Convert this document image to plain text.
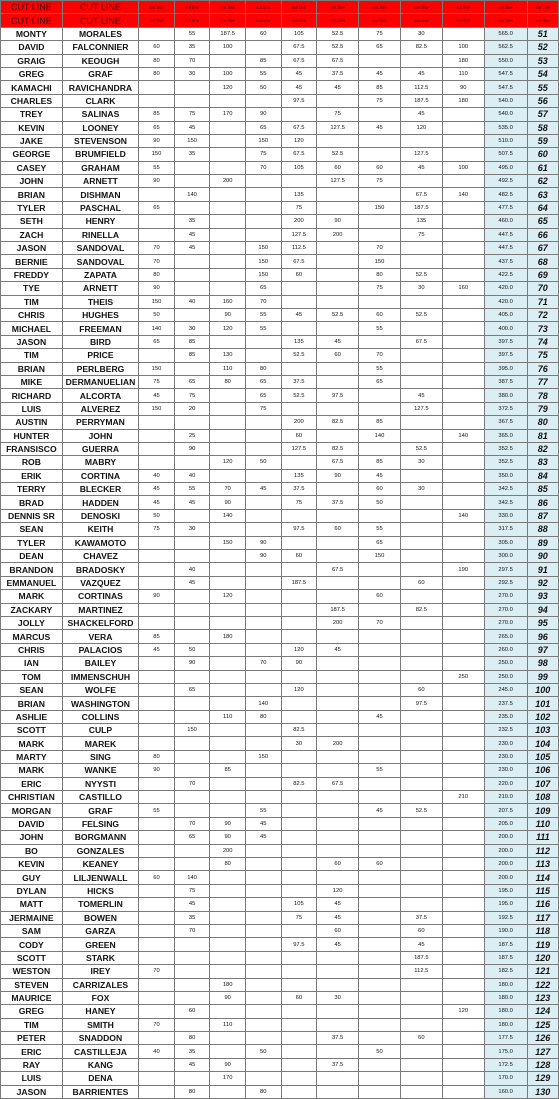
CUT LINE	CUT LINE	cut line	cut line	cut line	cut line	cut line	cut line	cut line	cut line	cut line	cut line	cut line
CUT LINE	CUT LINE	cut line	cut line	cut line	cut line	cut line	cut line	cut line	cut line	cut line	cut line	cut line
MONTY	MORALES		55	187.5	60	105	52.5	75	30		565.0	51
DAVID	FALCONNIER	60	35	100		67.5	52.5	65	82.5	100	562.5	52
GRAIG	KEOUGH	80	70		85	67.5	67.5			180	550.0	53
GREG	GRAF	80	30	100	55	45	37.5	45	45	110	547.5	54
KAMACHI	RAVICHANDRA			120	50	45	45	85	112.5	90	547.5	55
CHARLES	CLARK					97.5		75	187.5	180	540.0	56
TREY	SALINAS	85	75	170	90		75		45		540.0	57
KEVIN	LOONEY	65	45		65	67.5	127.5	45	120		535.0	58
JAKE	STEVENSON	90	150		150	120					510.0	59
GEORGE	BRUMFIELD	150	35		75	67.5	52.5		127.5		507.5	60
CASEY	GRAHAM	55			70	105	60	60	45	100	495.0	61
JOHN	ARNETT	90		200			127.5	75			492.5	62
BRIAN	DISHMAN		140			135			67.5	140	482.5	63
TYLER	PASCHAL	65				75		150	187.5		477.5	64
SETH	HENRY		35			200	90		135		460.0	65
ZACH	RINELLA		45			127.5	200		75		447.5	66
JASON	SANDOVAL	70	45		150	112.5		70			447.5	67
BERNIE	SANDOVAL	70			150	67.5		150			437.5	68
FREDDY	ZAPATA	80			150	60		80	52.5		422.5	69
TYE	ARNETT	90			65			75	30	160	420.0	70
TIM	THEIS	150	40	160	70						420.0	71
CHRIS	HUGHES	50		90	55	45	52.5	60	52.5		405.0	72
MICHAEL	FREEMAN	140	30	120	55			55			400.0	73
JASON	BIRD	65	85			135	45		67.5		397.5	74
TIM	PRICE		85	130		52.5	60	70			397.5	75
BRIAN	PERLBERG	150		110	80			55			395.0	76
MIKE	DERMANUELIAN	75	65	80	65	37.5		65			387.5	77
RICHARD	ALCORTA	45	75		65	52.5	97.5		45		380.0	78
LUIS	ALVEREZ	150	20		75				127.5		372.5	79
AUSTIN	PERRYMAN					200	82.5	85			367.5	80
HUNTER	JOHN		25			60		140		140	365.0	81
FRANSISCO	GUERRA		90			127.5	82.5		52.5		352.5	82
ROB	MABRY			120	50		67.5	85	30		352.5	83
ERIK	CORTINA	40	40			135	90	45			350.0	84
TERRY	BLECKER	45	55	70	45	37.5		60	30		342.5	85
BRAD	HADDEN	45	45	90		75	37.5	50			342.5	86
DENNIS SR	DENOSKI	50		140						140	330.0	87
SEAN	KEITH	75	30			97.5	60	55			317.5	88
TYLER	KAWAMOTO			150	90			65			305.0	89
DEAN	CHAVEZ				90	60		150			300.0	90
BRANDON	BRADOSKY		40				67.5			190	297.5	91
EMMANUEL	VAZQUEZ		45			187.5			60		292.5	92
MARK	CORTINAS	90		120				60			270.0	93
ZACKARY	MARTINEZ						187.5		82.5		270.0	94
JOLLY	SHACKELFORD						200	70			270.0	95
MARCUS	VERA	85		180							265.0	96
CHRIS	PALACIOS	45	50			120	45				260.0	97
IAN	BAILEY		90		70	90					250.0	98
TOM	IMMENSCHUH									250	250.0	99
SEAN	WOLFE		65			120			60		245.0	100
BRIAN	WASHINGTON				140				97.5		237.5	101
ASHLIE	COLLINS			110	80			45			235.0	102
SCOTT	CULP		150			82.5					232.5	103
MARK	MAREK					30	200				230.0	104
MARTY	SING	80			150						230.0	105
MARK	WANKE	90		85				55			230.0	106
ERIC	NYYSTI		70			82.5	67.5				220.0	107
CHRISTIAN	CASTILLO									210	210.0	108
MORGAN	GRAF	55			55			45	52.5		207.5	109
DAVID	FELSING		70	90	45						205.0	110
JOHN	BORGMANN		65	90	45						200.0	111
BO	GONZALES			200							200.0	112
KEVIN	KEANEY			80			60	60			200.0	113
GUY	LILJENWALL	60	140								200.0	114
DYLAN	HICKS		75				120				195.0	115
MATT	TOMERLIN		45			105	45				195.0	116
JERMAINE	BOWEN		35			75	45		37.5		192.5	117
SAM	GARZA		70				60		60		190.0	118
CODY	GREEN					97.5	45		45		187.5	119
SCOTT	STARK								187.5		187.5	120
WESTON	IREY	70							112.5		182.5	121
STEVEN	CARRIZALES			180							180.0	122
MAURICE	FOX			90		60	30				180.0	123
GREG	HANEY		60							120	180.0	124
TIM	SMITH	70		110							180.0	125
PETER	SNADDON		80				37.5		60		177.5	126
ERIC	CASTILLEJA	40	35		50			50			175.0	127
RAY	KANG		45	90			37.5				172.5	128
LUIS	DENA			170							170.0	129
JASON	BARRIENTES		80		80						160.0	130
